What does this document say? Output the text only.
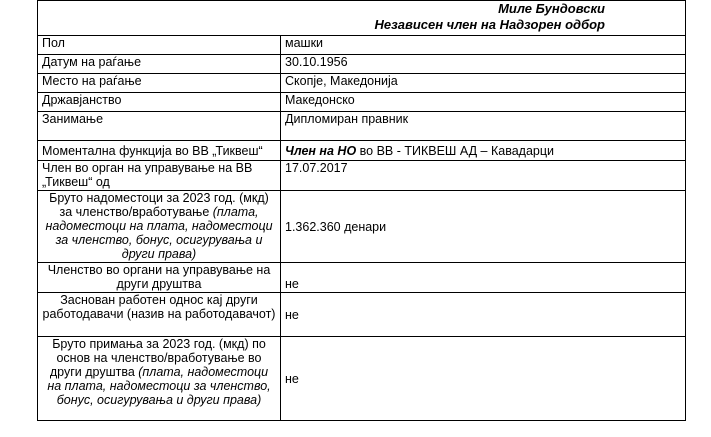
Миле Бундовски
Независен член на Надзорен одбор	

Пол	машки
Датум на раѓање	30.10.1956
Место на раѓање	Скопје, Македонија
Државјанство	Македонско
Занимање	Дипломиран правник
Моментална функција во ВВ „Тиквеш“	Член на НО во ВВ - ТИКВЕШ АД – Кавадарци
Член во орган на управување на ВВ „Тиквеш“ од	17.07.2017
Бруто надоместоци за 2023 год. (мкд) за членство/вработување (плата, надоместоци на плата, надоместоци за членство, бонус, осигурувања и други права)	1.362.360 денари
Членство во органи на управување на други друштва	не
Заснован работен однос кај други работодавачи (назив на работодавачот)	не
Бруто примања за 2023 год. (мкд) по основ на членство/вработување во други друштва (плата, надоместоци на плата, надоместоци за членство, бонус, осигурувања и други права)	не
